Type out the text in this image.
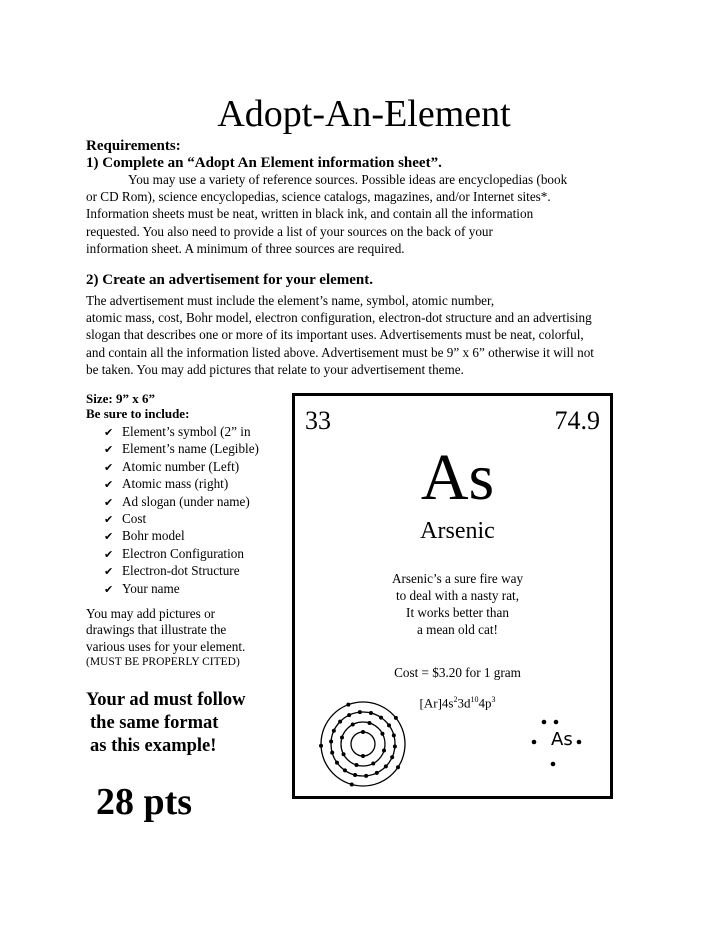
Adopt-An-Element
Requirements:
1) Complete an “Adopt An Element information sheet”.
You may use a variety of reference sources. Possible ideas are encyclopedias (book
or CD Rom), science encyclopedias, science catalogs, magazines, and/or Internet sites*.
Information sheets must be neat, written in black ink, and contain all the information
requested. You also need to provide a list of your sources on the back of your
information sheet. A minimum of three sources are required.
2) Create an advertisement for your element.
The advertisement must include the element’s name, symbol, atomic number,
atomic mass, cost, Bohr model, electron configuration, electron-dot structure and an advertising
slogan that describes one or more of its important uses. Advertisements must be neat, colorful,
and contain all the information listed above. Advertisement must be 9” x 6” otherwise it will not
be taken. You may add pictures that relate to your advertisement theme.
Size: 9” x 6”
Be sure to include:
✔ Element’s symbol (2” in
✔ Element’s name (Legible)
✔ Atomic number (Left)
✔ Atomic mass (right)
✔ Ad slogan (under name)
✔ Cost
✔ Bohr model
✔ Electron Configuration
✔ Electron-dot Structure
✔ Your name
You may add pictures or
drawings that illustrate the
various uses for your element.
(MUST BE PROPERLY CITED)
Your ad must follow
the same format
as this example!
28 pts
33	74.9
As
Arsenic
Arsenic’s a sure fire way
to deal with a nasty rat,
It works better than
a mean old cat!
Cost = $3.20 for 1 gram
$[Ar]4s^23d^{10}4p^3$
As
